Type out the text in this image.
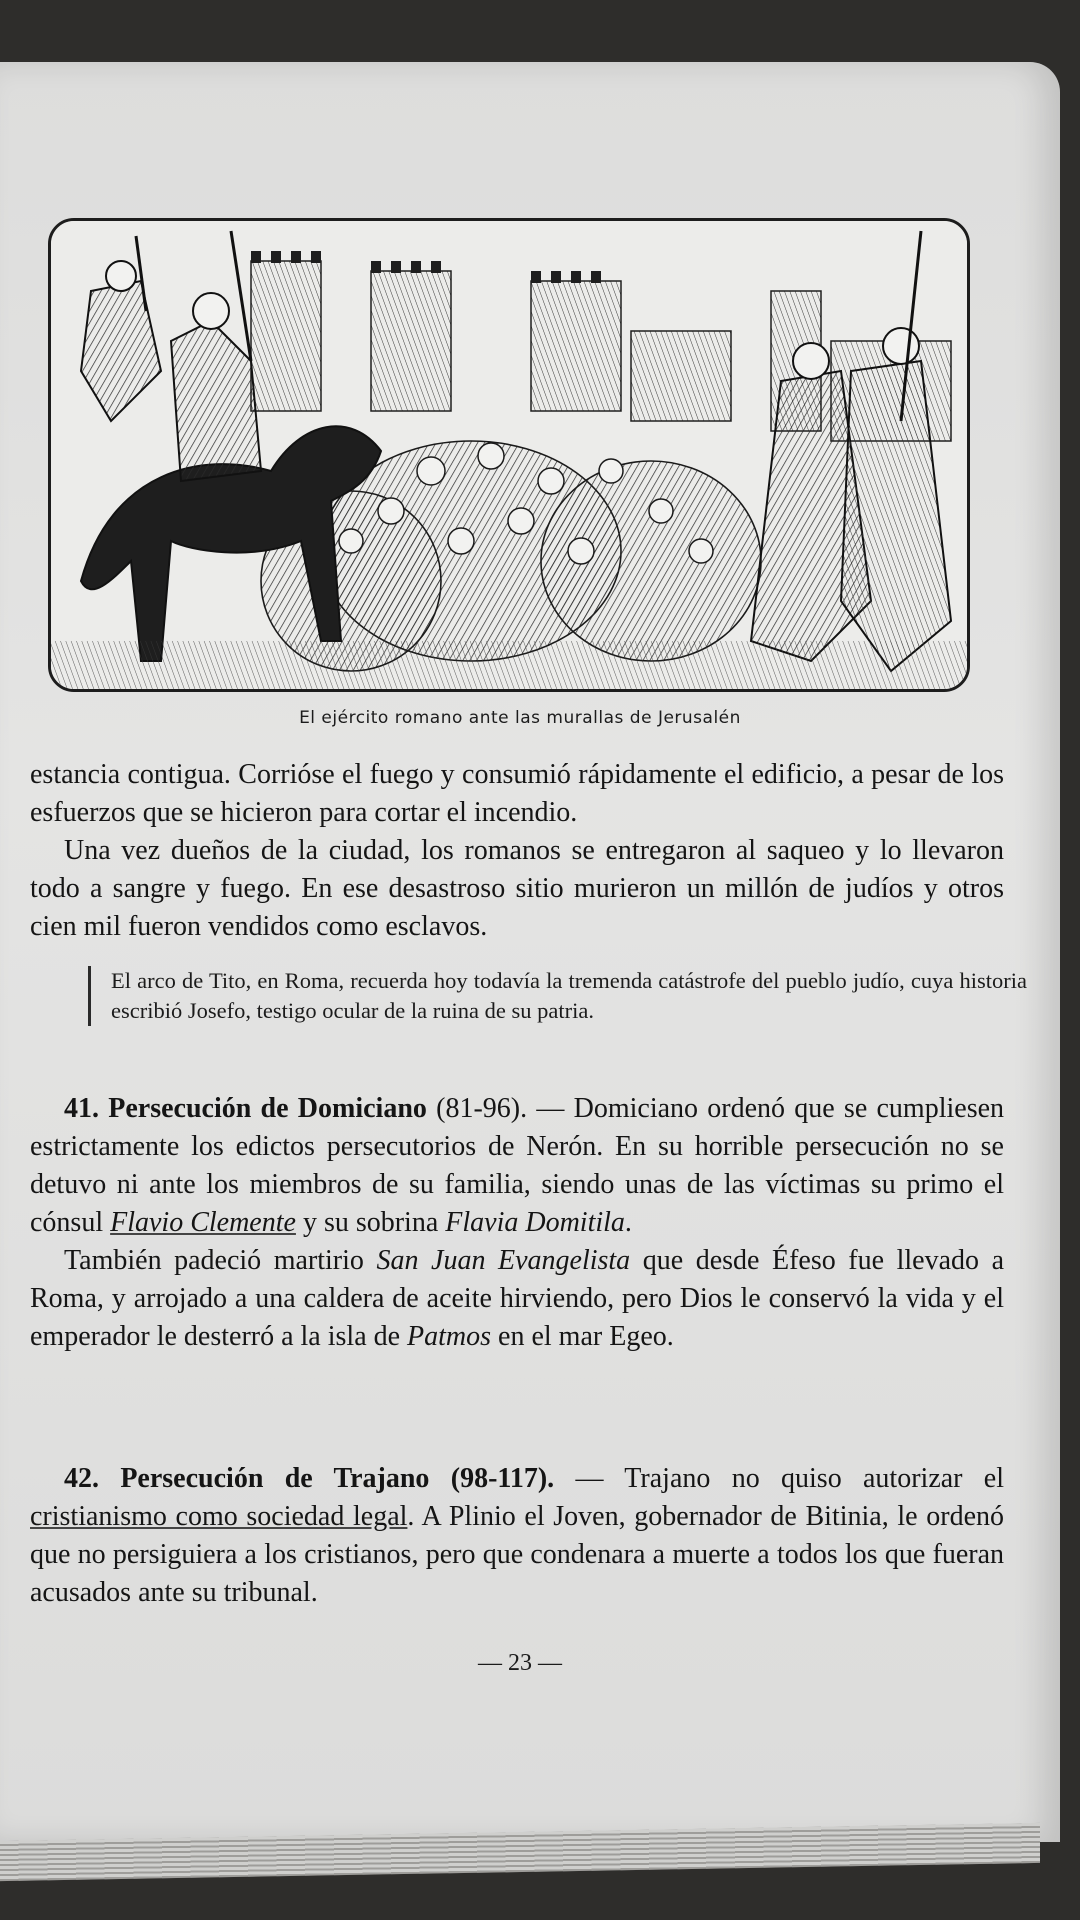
El ejército romano ante las murallas de Jerusalén

estancia contigua. Corrióse el fuego y consumió rápidamente el edificio, a pesar de los esfuerzos que se hicieron para cortar el incendio.

Una vez dueños de la ciudad, los romanos se entregaron al saqueo y lo llevaron todo a sangre y fuego. En ese desastroso sitio murieron un millón de judíos y otros cien mil fueron vendidos como esclavos.

El arco de Tito, en Roma, recuerda hoy todavía la tremenda catástrofe del pueblo judío, cuya historia escribió Josefo, testigo ocular de la ruina de su patria.

41. Persecución de Domiciano (81-96). — Domiciano ordenó que se cumpliesen estrictamente los edictos persecutorios de Nerón. En su horrible persecución no se detuvo ni ante los miembros de su familia, siendo unas de las víctimas su primo el cónsul Flavio Clemente y su sobrina Flavia Domitila.

También padeció martirio San Juan Evangelista que desde Éfeso fue llevado a Roma, y arrojado a una caldera de aceite hirviendo, pero Dios le conservó la vida y el emperador le desterró a la isla de Patmos en el mar Egeo.

42. Persecución de Trajano (98-117). — Trajano no quiso autorizar el cristianismo como sociedad legal. A Plinio el Joven, gobernador de Bitinia, le ordenó que no persiguiera a los cristianos, pero que condenara a muerte a todos los que fueran acusados ante su tribunal.

— 23 —
